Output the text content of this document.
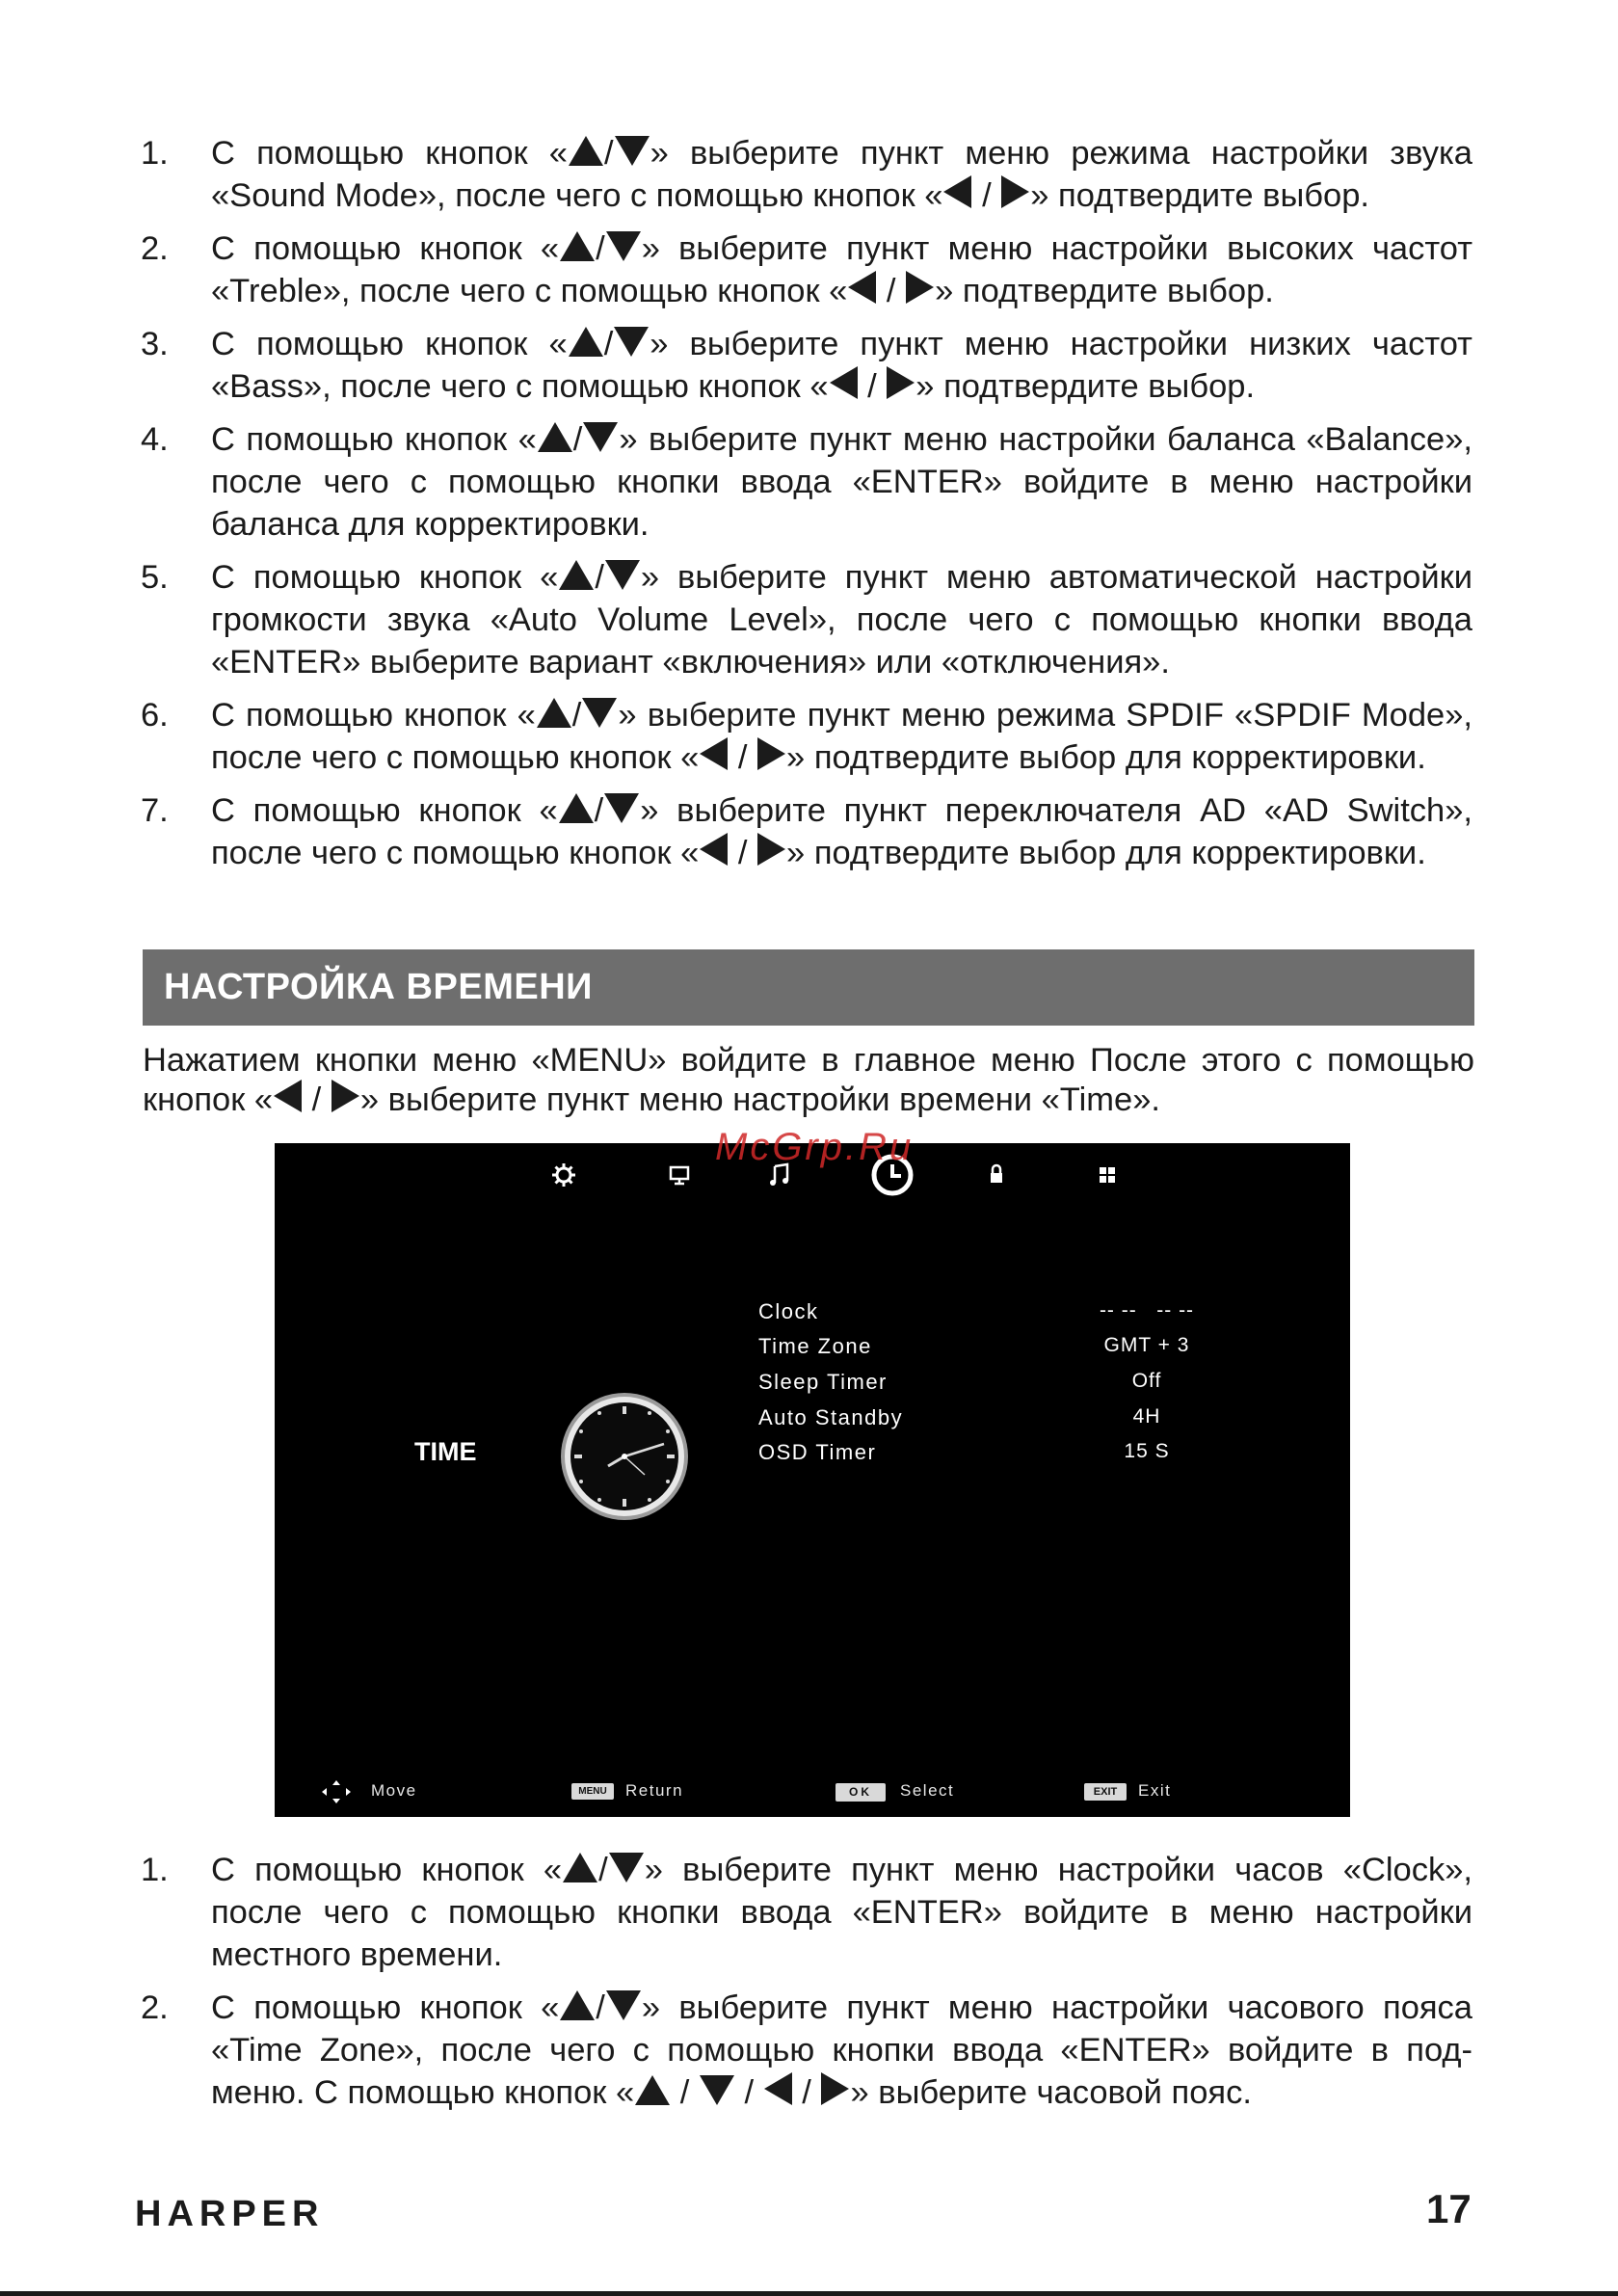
1. С помощью кнопок « / » выберите пункт меню режима настройки звука «Sound Mode», после чего с помощью кнопок « / » подтвердите выбор.
2. С помощью кнопок « / » выберите пункт меню настройки высоких частот «Treble», после чего с помощью кнопок « / » подтвердите выбор.
3. С помощью кнопок « / » выберите пункт меню настройки низких частот «Bass», после чего с помощью кнопок « / » подтвердите выбор.
4. С помощью кнопок « / » выберите пункт меню настройки баланса «Balance», после чего с помощью кнопки ввода «ENTER» войдите в меню настройки баланса для корректировки.
5. С помощью кнопок « / » выберите пункт меню автоматической настройки громкости звука «Auto Volume Level», после чего с помощью кнопки ввода «ENTER» выберите вариант «включения» или «отключения».
6. С помощью кнопок « / » выберите пункт меню режима SPDIF «SPDIF Mode», после чего с помощью кнопок « / » подтвердите выбор для корректировки.
7. С помощью кнопок « / » выберите пункт переключателя AD «AD Switch», после чего с помощью кнопок « / » подтвердите выбор для корректировки.
НАСТРОЙКА ВРЕМЕНИ

Нажатием кнопки меню «MENU» войдите в главное меню После этого с помощью кнопок « / » выберите пункт меню настройки времени «Time».

TIME
Clock	-- --   -- --
Time Zone	GMT + 3
Sleep Timer	Off
Auto Standby	4H
OSD Timer	15 S
Move	MENU	Return	OK	Select	EXIT	Exit
McGrp.Ru
1. С помощью кнопок « / » выберите пункт меню настройки часов «Clock», после чего с помощью кнопки ввода «ENTER» войдите в меню настройки местного времени.
2. С помощью кнопок « / » выберите пункт меню настройки часового пояса «Time Zone», после чего с помощью кнопки ввода «ENTER» войдите в под-меню. С помощью кнопок « /  /  / » выберите часовой пояс.
HARPER	17
